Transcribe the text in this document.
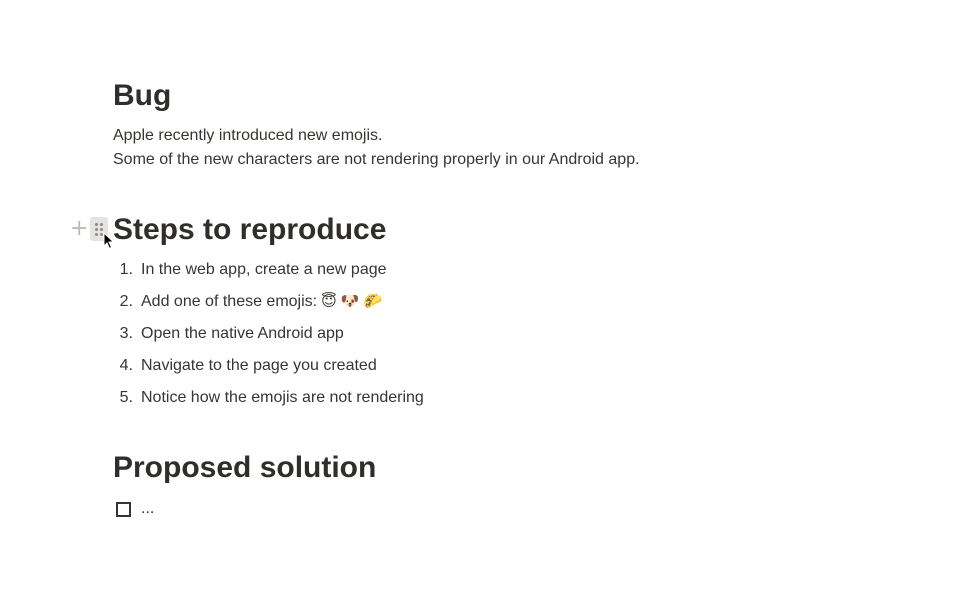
+
Bug
Apple recently introduced new emojis.
Some of the new characters are not rendering properly in our Android app.
Steps to reproduce
1. In the web app, create a new page
2. Add one of these emojis: 😇 🐶 🌮
3. Open the native Android app
4. Navigate to the page you created
5. Notice how the emojis are not rendering
Proposed solution
...
